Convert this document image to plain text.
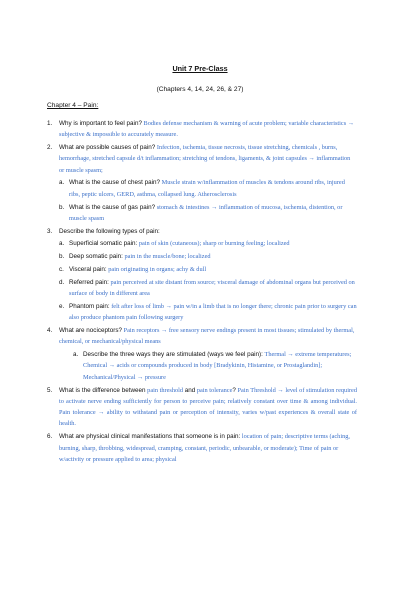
Unit 7 Pre-Class
(Chapters 4, 14, 24, 26, & 27)
Chapter 4 – Pain:
1. Why is important to feel pain? Bodies defense mechanism & warning of acute problem; variable characteristics → subjective & impossible to accurately measure.
2. What are possible causes of pain? Infection, ischemia, tissue necrosis, tissue stretching, chemicals , burns, hemorrhage, stretched capsule d/t inflammation; stretching of tendons, ligaments, & joint capsules → inflammation or muscle spasm;
a. What is the cause of chest pain? Muscle strain w/inflammation of muscles & tendons around ribs, injured ribs, peptic ulcers, GERD, asthma, collapsed lung. Atherosclerosis
b. What is the cause of gas pain? stomach & intestines → inflammation of mucosa, ischemia, distention, or muscle spasm
3. Describe the following types of pain:
a. Superficial somatic pain: pain of skin (cutaneous); sharp or burning feeling; localized
b. Deep somatic pain: pain in the muscle/bone; localized
c. Visceral pain: pain originating in organs; achy & dull
d. Referred pain: pain perceived at site distant from source; visceral damage of abdominal organs but perceived on surface of body in different area
e. Phantom pain: felt after loss of limb → pain w/in a limb that is no longer there; chronic pain prior to surgery can also produce phantom pain following surgery
4. What are nociceptors? Pain receptors → free sensory nerve endings present in most tissues; stimulated by thermal, chemical, or mechanical/physical means
a. Describe the three ways they are stimulated (ways we feel pain): Thermal → extreme temperatures; Chemical → acids or compounds produced in body [Bradykinin, Histamine, or Prostaglandin]; Mechanical/Physical → pressure
5. What is the difference between pain threshold and pain tolerance? Pain Threshold → level of stimulation required to activate nerve ending sufficiently for person to perceive pain; relatively constant over time & among individual. Pain tolerance → ability to withstand pain or perception of intensity, varies w/past experiences & overall state of health.
6. What are physical clinical manifestations that someone is in pain: location of pain; descriptive terms (aching, burning, sharp, throbbing, widespread, cramping, constant, periodic, unbearable, or moderate); Time of pain or w/activity or pressure applied to area; physical
